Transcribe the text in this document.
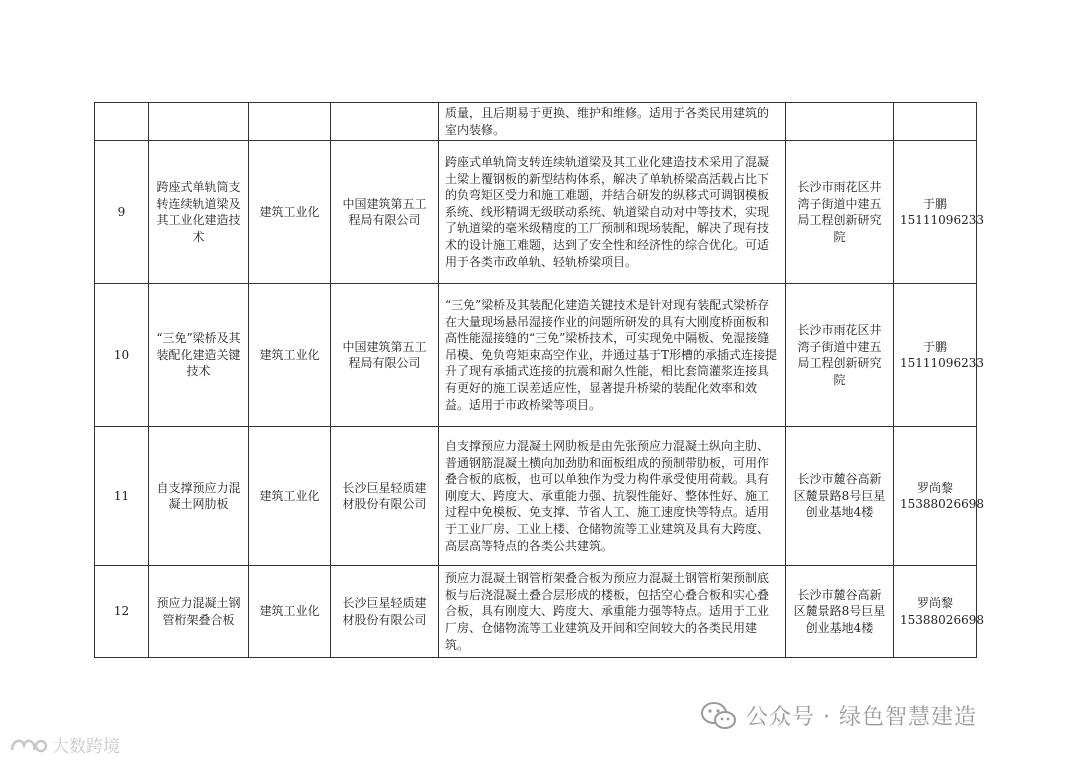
				质量，且后期易于更换、维护和维修。适用于各类民用建筑的室内装修。		

9	跨座式单轨筒支转连续轨道梁及其工业化建造技术	建筑工业化	中国建筑第五工程局有限公司	跨座式单轨筒支转连续轨道梁及其工业化建造技术采用了混凝土梁上覆钢板的新型结构体系，解决了单轨桥梁高活载占比下的负弯矩区受力和施工难题，并结合研发的纵移式可调钢模板系统、线形精调无级联动系统、轨道梁自动对中等技术，实现了轨道梁的毫米级精度的工厂预制和现场装配，解决了现有技术的设计施工难题，达到了安全性和经济性的综合优化。可适用于各类市政单轨、轻轨桥梁项目。	长沙市雨花区井湾子街道中建五局工程创新研究院	于鹏
15111096233

10	“三免”梁桥及其装配化建造关键技术	建筑工业化	中国建筑第五工程局有限公司	“三免”梁桥及其装配化建造关键技术是针对现有装配式梁桥存在大量现场悬吊湿接作业的问题所研发的具有大刚度桥面板和高性能湿接缝的“三免”梁桥技术，可实现免中隔板、免湿接缝吊模、免负弯矩束高空作业，并通过基于T形槽的承插式连接提升了现有承插式连接的抗震和耐久性能，相比套筒灌浆连接具有更好的施工误差适应性，显著提升桥梁的装配化效率和效益。适用于市政桥梁等项目。	长沙市雨花区井湾子街道中建五局工程创新研究院	于鹏
15111096233

11	自支撑预应力混凝土网肋板	建筑工业化	长沙巨星轻质建材股份有限公司	自支撑预应力混凝土网肋板是由先张预应力混凝土纵向主肋、普通钢筋混凝土横向加劲肋和面板组成的预制带肋板，可用作叠合板的底板，也可以单独作为受力构件承受使用荷载。具有刚度大、跨度大、承重能力强、抗裂性能好、整体性好、施工过程中免模板、免支撑、节省人工、施工速度快等特点。适用于工业厂房、工业上楼、仓储物流等工业建筑及具有大跨度、高层高等特点的各类公共建筑。	长沙市麓谷高新区麓景路8号巨星创业基地4楼	罗尚黎
15388026698

12	预应力混凝土钢管桁架叠合板	建筑工业化	长沙巨星轻质建材股份有限公司	预应力混凝土钢管桁架叠合板为预应力混凝土钢管桁架预制底板与后浇混凝土叠合层形成的楼板，包括空心叠合板和实心叠合板，具有刚度大、跨度大、承重能力强等特点。适用于工业厂房、仓储物流等工业建筑及开间和空间较大的各类民用建筑。	长沙市麓谷高新区麓景路8号巨星创业基地4楼	罗尚黎
15388026698
公众号 · 绿色智慧建造
大数跨境
